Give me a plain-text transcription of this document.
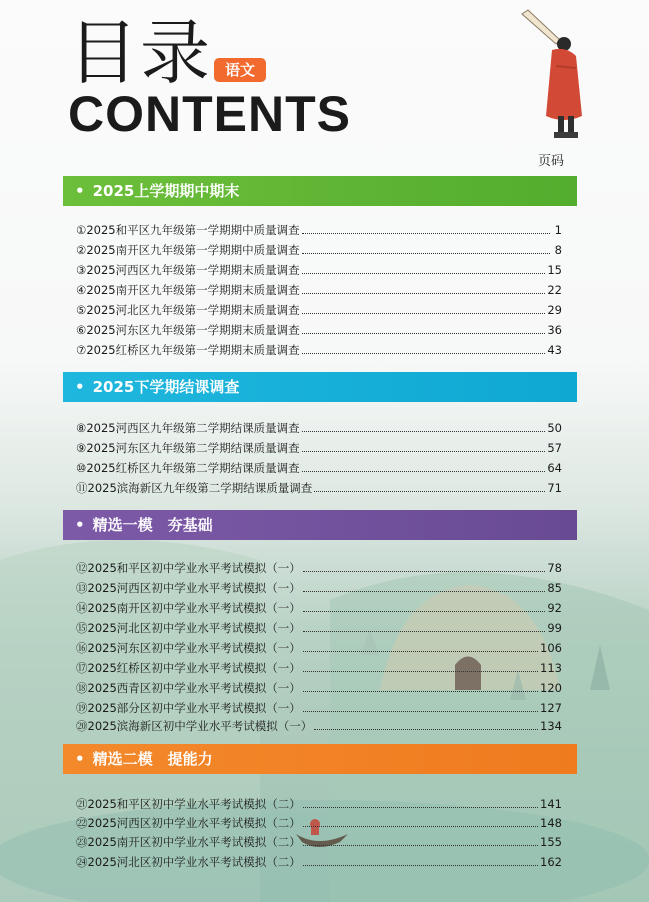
目录 语文
CONTENTS
页码
• 2025上学期期中期末
① 2025和平区九年级第一学期期中质量调查	1
② 2025南开区九年级第一学期期中质量调查	8
③ 2025河西区九年级第一学期期末质量调查	15
④ 2025南开区九年级第一学期期末质量调查	22
⑤ 2025河北区九年级第一学期期末质量调查	29
⑥ 2025河东区九年级第一学期期末质量调查	36
⑦ 2025红桥区九年级第一学期期末质量调查	43
• 2025下学期结课调查
⑧ 2025河西区九年级第二学期结课质量调查	50
⑨ 2025河东区九年级第二学期结课质量调查	57
⑩ 2025红桥区九年级第二学期结课质量调查	64
⑪ 2025滨海新区九年级第二学期结课质量调查	71
• 精选一模　夯基础
⑫ 2025和平区初中学业水平考试模拟（一）	78
⑬ 2025河西区初中学业水平考试模拟（一）	85
⑭ 2025南开区初中学业水平考试模拟（一）	92
⑮ 2025河北区初中学业水平考试模拟（一）	99
⑯ 2025河东区初中学业水平考试模拟（一）	106
⑰ 2025红桥区初中学业水平考试模拟（一）	113
⑱ 2025西青区初中学业水平考试模拟（一）	120
⑲ 2025部分区初中学业水平考试模拟（一）	127
⑳ 2025滨海新区初中学业水平考试模拟（一）	134
• 精选二模　提能力
㉑ 2025和平区初中学业水平考试模拟（二）	141
㉒ 2025河西区初中学业水平考试模拟（二）	148
㉓ 2025南开区初中学业水平考试模拟（二）	155
㉔ 2025河北区初中学业水平考试模拟（二）	162
